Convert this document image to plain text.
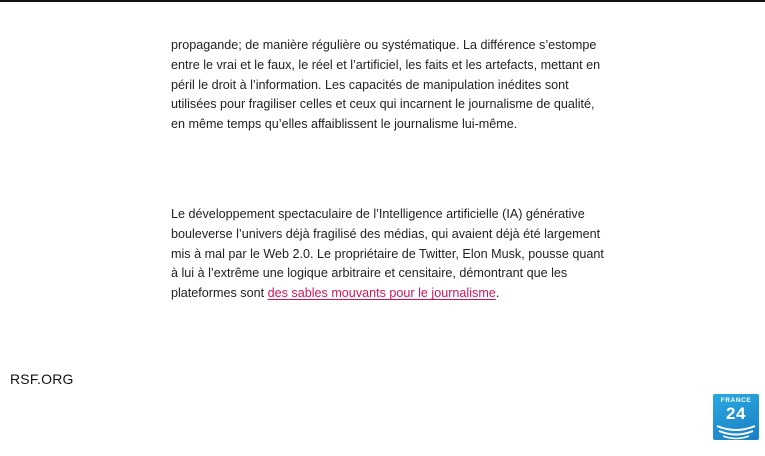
propagande; de manière régulière ou systématique. La différence s’estompe
entre le vrai et le faux, le réel et l’artificiel, les faits et les artefacts, mettant en
péril le droit à l’information. Les capacités de manipulation inédites sont
utilisées pour fragiliser celles et ceux qui incarnent le journalisme de qualité,
en même temps qu’elles affaiblissent le journalisme lui-même.
Le développement spectaculaire de l’Intelligence artificielle (IA) générative
bouleverse l’univers déjà fragilisé des médias, qui avaient déjà été largement
mis à mal par le Web 2.0. Le propriétaire de Twitter, Elon Musk, pousse quant
à lui à l’extrême une logique arbitraire et censitaire, démontrant que les
plateformes sont des sables mouvants pour le journalisme.
RSF.ORG
FRANCE
24
